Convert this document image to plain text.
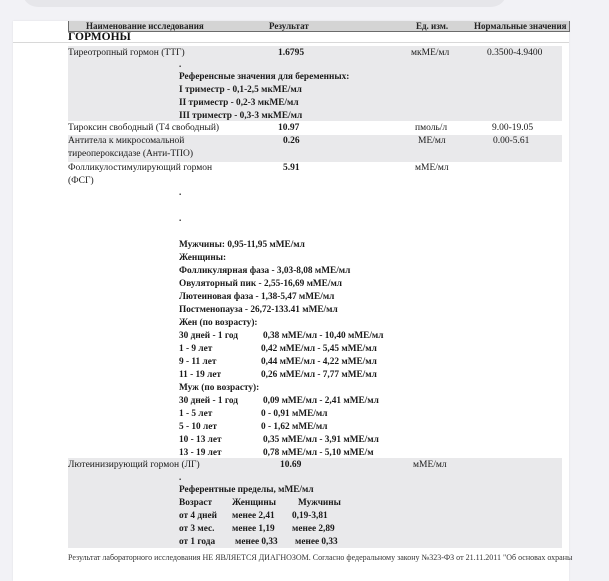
Наименование исследования	Результат	Ед. изм.	Нормальные значения
ГОРМОНЫ
Тиреотропный гормон (ТТГ)	1.6795	мкМЕ/мл	0.3500-4.9400
.
Референсные значения для беременных:
I триместр - 0,1-2,5 мкМЕ/мл
II триместр - 0,2-3 мкМЕ/мл
III триместр - 0,3-3 мкМЕ/мл
Тироксин свободный (Т4 свободный)	10.97	пмоль/л	9.00-19.05
Антитела к микросомальной
тиреопероксидазе (Анти-ТПО)
0.26	МЕ/мл	0.00-5.61
Фолликулостимулирующий гормон
(ФСГ)
5.91	мМЕ/мл
.
.
Мужчины: 0,95-11,95 мМЕ/мл
Женщины:
Фолликулярная фаза - 3,03-8,08 мМЕ/мл
Овуляторный пик - 2,55-16,69 мМЕ/мл
Лютеиновая фаза - 1,38-5,47 мМЕ/мл
Постменопауза - 26,72-133.41 мМЕ/мл
Жен (по возрасту):
30 дней - 1 год	0,38 мМЕ/мл - 10,40 мМЕ/мл
1 - 9 лет	0,42 мМЕ/мл - 5,45 мМЕ/мл
9 - 11 лет	0,44 мМЕ/мл - 4,22 мМЕ/мл
11 - 19 лет	0,26 мМЕ/мл - 7,77 мМЕ/мл
Муж (по возрасту):
30 дней - 1 год	0,09 мМЕ/мл - 2,41 мМЕ/мл
1 - 5 лет	0 - 0,91 мМЕ/мл
5 - 10 лет	0 - 1,62 мМЕ/мл
10 - 13 лет	0,35 мМЕ/мл - 3,91 мМЕ/мл
13 - 19 лет	0,78 мМЕ/мл - 5,10 мМЕ/м
Лютеинизирующий гормон (ЛГ)	10.69	мМЕ/мл
.
Референтные пределы, мМЕ/мл
Возраст Женщины Мужчины
от 4 дней менее 2,41 0,19-3,81
от 3 мес. менее 1,19 менее 2,89
от 1 года менее 0,33 менее 0,33
Результат лабораторного исследования НЕ ЯВЛЯЕТСЯ ДИАГНОЗОМ. Согласно федеральному закону №323-ФЗ от 21.11.2011 "Об основах охраны
